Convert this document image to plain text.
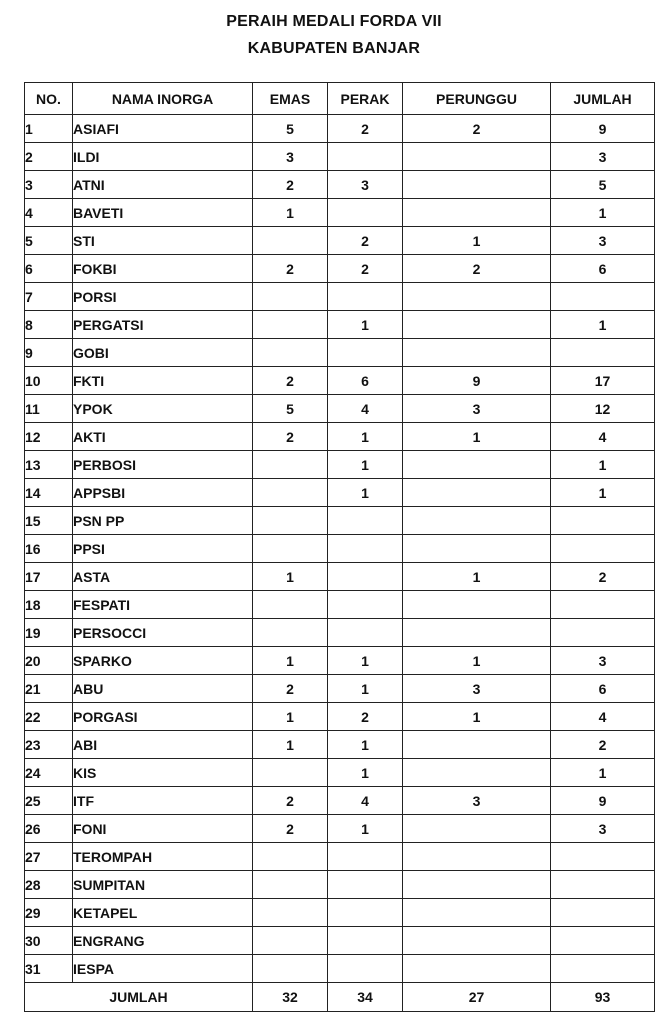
PERAIH MEDALI FORDA VII
KABUPATEN BANJAR
NO.	NAMA INORGA	EMAS	PERAK	PERUNGGU	JUMLAH
1	ASIAFI	5	2	2	9
2	ILDI	3			3
3	ATNI	2	3		5
4	BAVETI	1			1
5	STI		2	1	3
6	FOKBI	2	2	2	6
7	PORSI				
8	PERGATSI		1		1
9	GOBI				
10	FKTI	2	6	9	17
11	YPOK	5	4	3	12
12	AKTI	2	1	1	4
13	PERBOSI		1		1
14	APPSBI		1		1
15	PSN PP				
16	PPSI				
17	ASTA	1		1	2
18	FESPATI				
19	PERSOCCI				
20	SPARKO	1	1	1	3
21	ABU	2	1	3	6
22	PORGASI	1	2	1	4
23	ABI	1	1		2
24	KIS		1		1
25	ITF	2	4	3	9
26	FONI	2	1		3
27	TEROMPAH				
28	SUMPITAN				
29	KETAPEL				
30	ENGRANG				
31	IESPA				
JUMLAH		32	34	27	93
